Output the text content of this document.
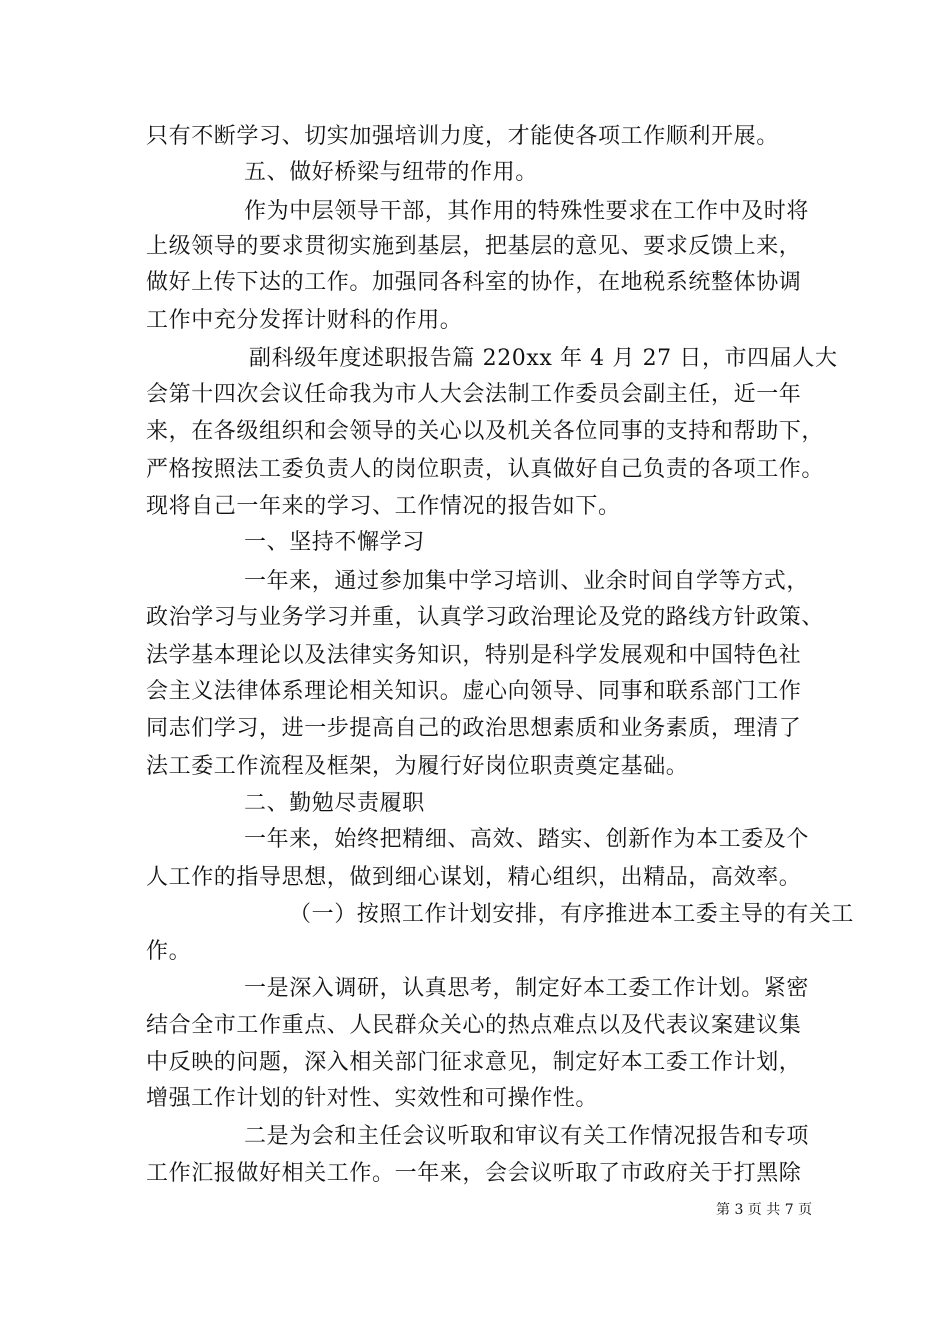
只有不断学习、切实加强培训力度，才能使各项工作顺利开展。
五、做好桥梁与纽带的作用。
作为中层领导干部，其作用的特殊性要求在工作中及时将
上级领导的要求贯彻实施到基层，把基层的意见、要求反馈上来，
做好上传下达的工作。加强同各科室的协作，在地税系统整体协调
工作中充分发挥计财科的作用。
副科级年度述职报告篇 220xx 年 4 月 27 日，市四届人大
会第十四次会议任命我为市人大会法制工作委员会副主任，近一年
来，在各级组织和会领导的关心以及机关各位同事的支持和帮助下，
严格按照法工委负责人的岗位职责，认真做好自己负责的各项工作。
现将自己一年来的学习、工作情况的报告如下。
一、坚持不懈学习
一年来，通过参加集中学习培训、业余时间自学等方式，
政治学习与业务学习并重，认真学习政治理论及党的路线方针政策、
法学基本理论以及法律实务知识，特别是科学发展观和中国特色社
会主义法律体系理论相关知识。虚心向领导、同事和联系部门工作
同志们学习，进一步提高自己的政治思想素质和业务素质，理清了
法工委工作流程及框架，为履行好岗位职责奠定基础。
二、勤勉尽责履职
一年来，始终把精细、高效、踏实、创新作为本工委及个
人工作的指导思想，做到细心谋划，精心组织，出精品，高效率。
（一）按照工作计划安排，有序推进本工委主导的有关工
作。
一是深入调研，认真思考，制定好本工委工作计划。紧密
结合全市工作重点、人民群众关心的热点难点以及代表议案建议集
中反映的问题，深入相关部门征求意见，制定好本工委工作计划，
增强工作计划的针对性、实效性和可操作性。
二是为会和主任会议听取和审议有关工作情况报告和专项
工作汇报做好相关工作。一年来，会会议听取了市政府关于打黑除
第 3 页 共 7 页
